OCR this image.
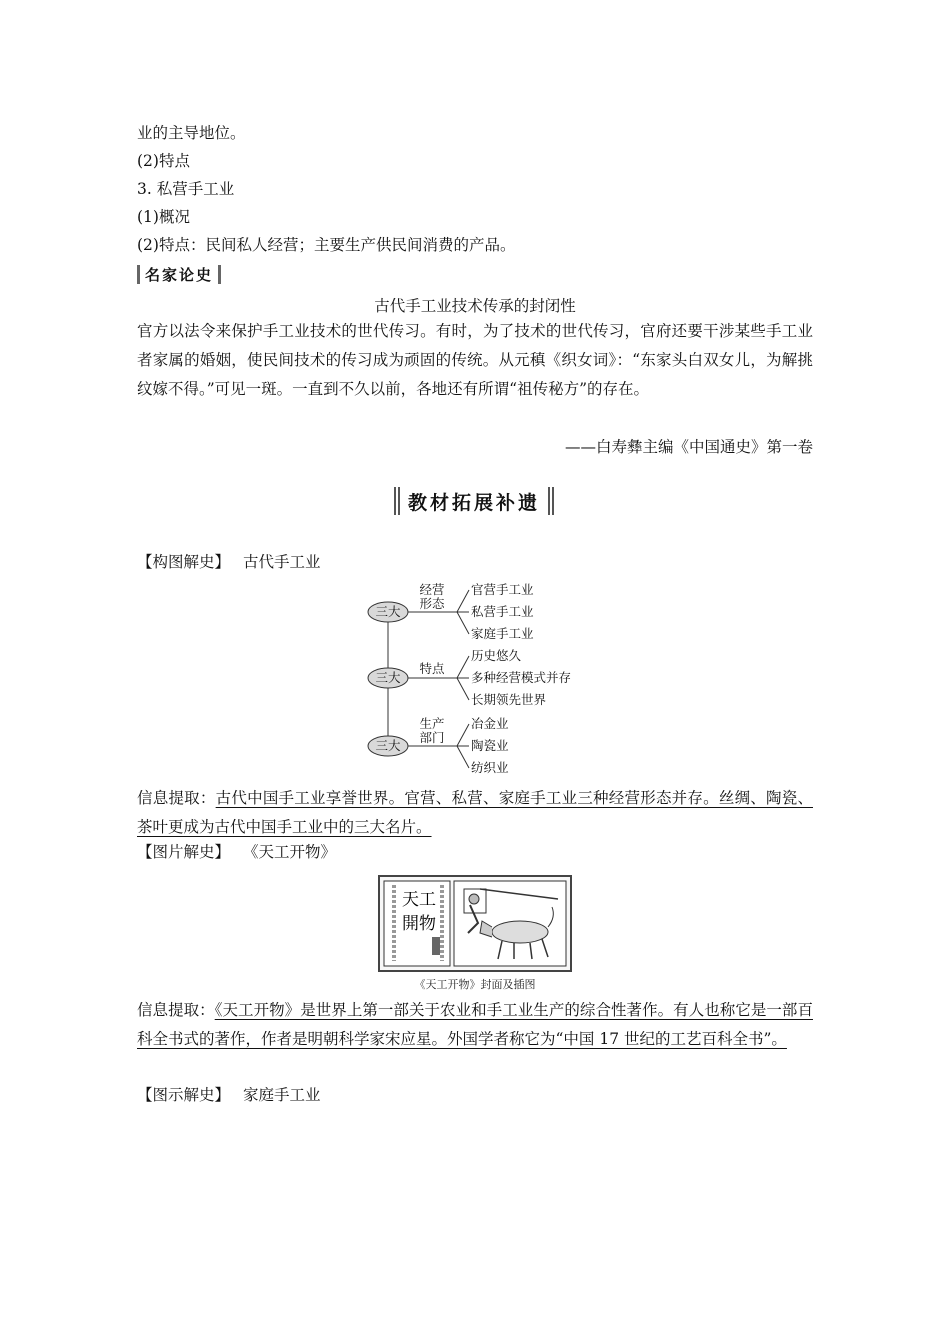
业的主导地位。
(2)特点
3. 私营手工业
(1)概况
(2)特点：民间私人经营；主要生产供民间消费的产品。
名家论史
古代手工业技术传承的封闭性
官方以法令来保护手工业技术的世代传习。有时，为了技术的世代传习，官府还要干涉某些手工业者家属的婚姻，使民间技术的传习成为顽固的传统。从元稹《织女词》：“东家头白双女儿，为解挑纹嫁不得。”可见一斑。一直到不久以前，各地还有所谓“祖传秘方”的存在。
——白寿彝主编《中国通史》第一卷
教材拓展补遗
【构图解史】 古代手工业
三大
经营
形态
官营手工业
私营手工业
家庭手工业
三大
特点
历史悠久
多种经营模式并存
长期领先世界
三大
生产
部门
冶金业
陶瓷业
纺织业
信息提取：古代中国手工业享誉世界。官营、私营、家庭手工业三种经营形态并存。丝绸、陶瓷、茶叶更成为古代中国手工业中的三大名片。
【图片解史】 《天工开物》
天工
開物
《天工开物》封面及插图
信息提取：《天工开物》是世界上第一部关于农业和手工业生产的综合性著作。有人也称它是一部百科全书式的著作，作者是明朝科学家宋应星。外国学者称它为“中国 17 世纪的工艺百科全书”。
【图示解史】 家庭手工业
